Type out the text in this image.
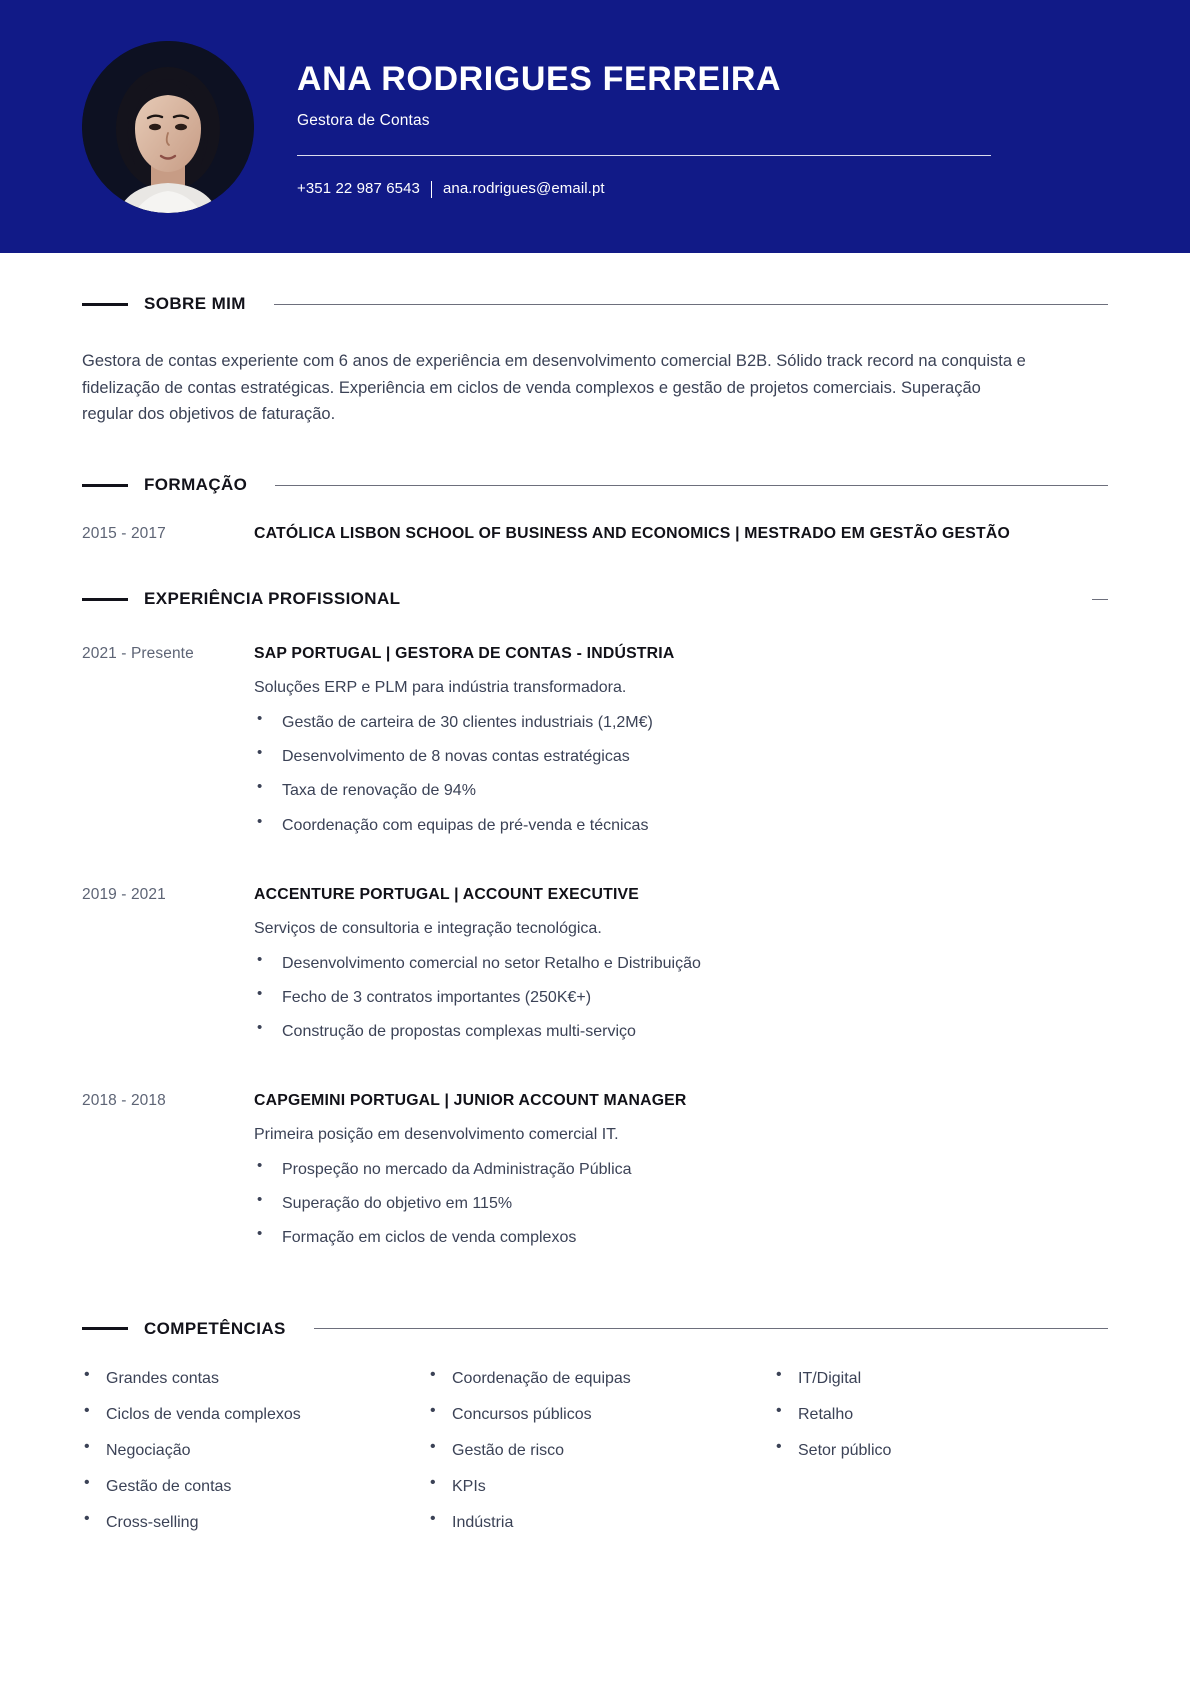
ANA RODRIGUES FERREIRA
Gestora de Contas
+351 22 987 6543 ana.rodrigues@email.pt
SOBRE MIM

Gestora de contas experiente com 6 anos de experiência em desenvolvimento comercial B2B. Sólido track record na conquista e fidelização de contas estratégicas. Experiência em ciclos de venda complexos e gestão de projetos comerciais. Superação regular dos objetivos de faturação.

FORMAÇÃO
2015 - 2017	CATÓLICA LISBON SCHOOL OF BUSINESS AND ECONOMICS | MESTRADO EM GESTÃO GESTÃO
EXPERIÊNCIA PROFISSIONAL
2021 - Presente	SAP PORTUGAL | GESTORA DE CONTAS - INDÚSTRIA
Soluções ERP e PLM para indústria transformadora.
• Gestão de carteira de 30 clientes industriais (1,2M€)
• Desenvolvimento de 8 novas contas estratégicas
• Taxa de renovação de 94%
• Coordenação com equipas de pré-venda e técnicas
2019 - 2021	ACCENTURE PORTUGAL | ACCOUNT EXECUTIVE
Serviços de consultoria e integração tecnológica.
• Desenvolvimento comercial no setor Retalho e Distribuição
• Fecho de 3 contratos importantes (250K€+)
• Construção de propostas complexas multi-serviço
2018 - 2018	CAPGEMINI PORTUGAL | JUNIOR ACCOUNT MANAGER
Primeira posição em desenvolvimento comercial IT.
• Prospeção no mercado da Administração Pública
• Superação do objetivo em 115%
• Formação em ciclos de venda complexos
COMPETÊNCIAS
• Grandes contas
• Ciclos de venda complexos
• Negociação
• Gestão de contas
• Cross-selling
• Coordenação de equipas
• Concursos públicos
• Gestão de risco
• KPIs
• Indústria
• IT/Digital
• Retalho
• Setor público
